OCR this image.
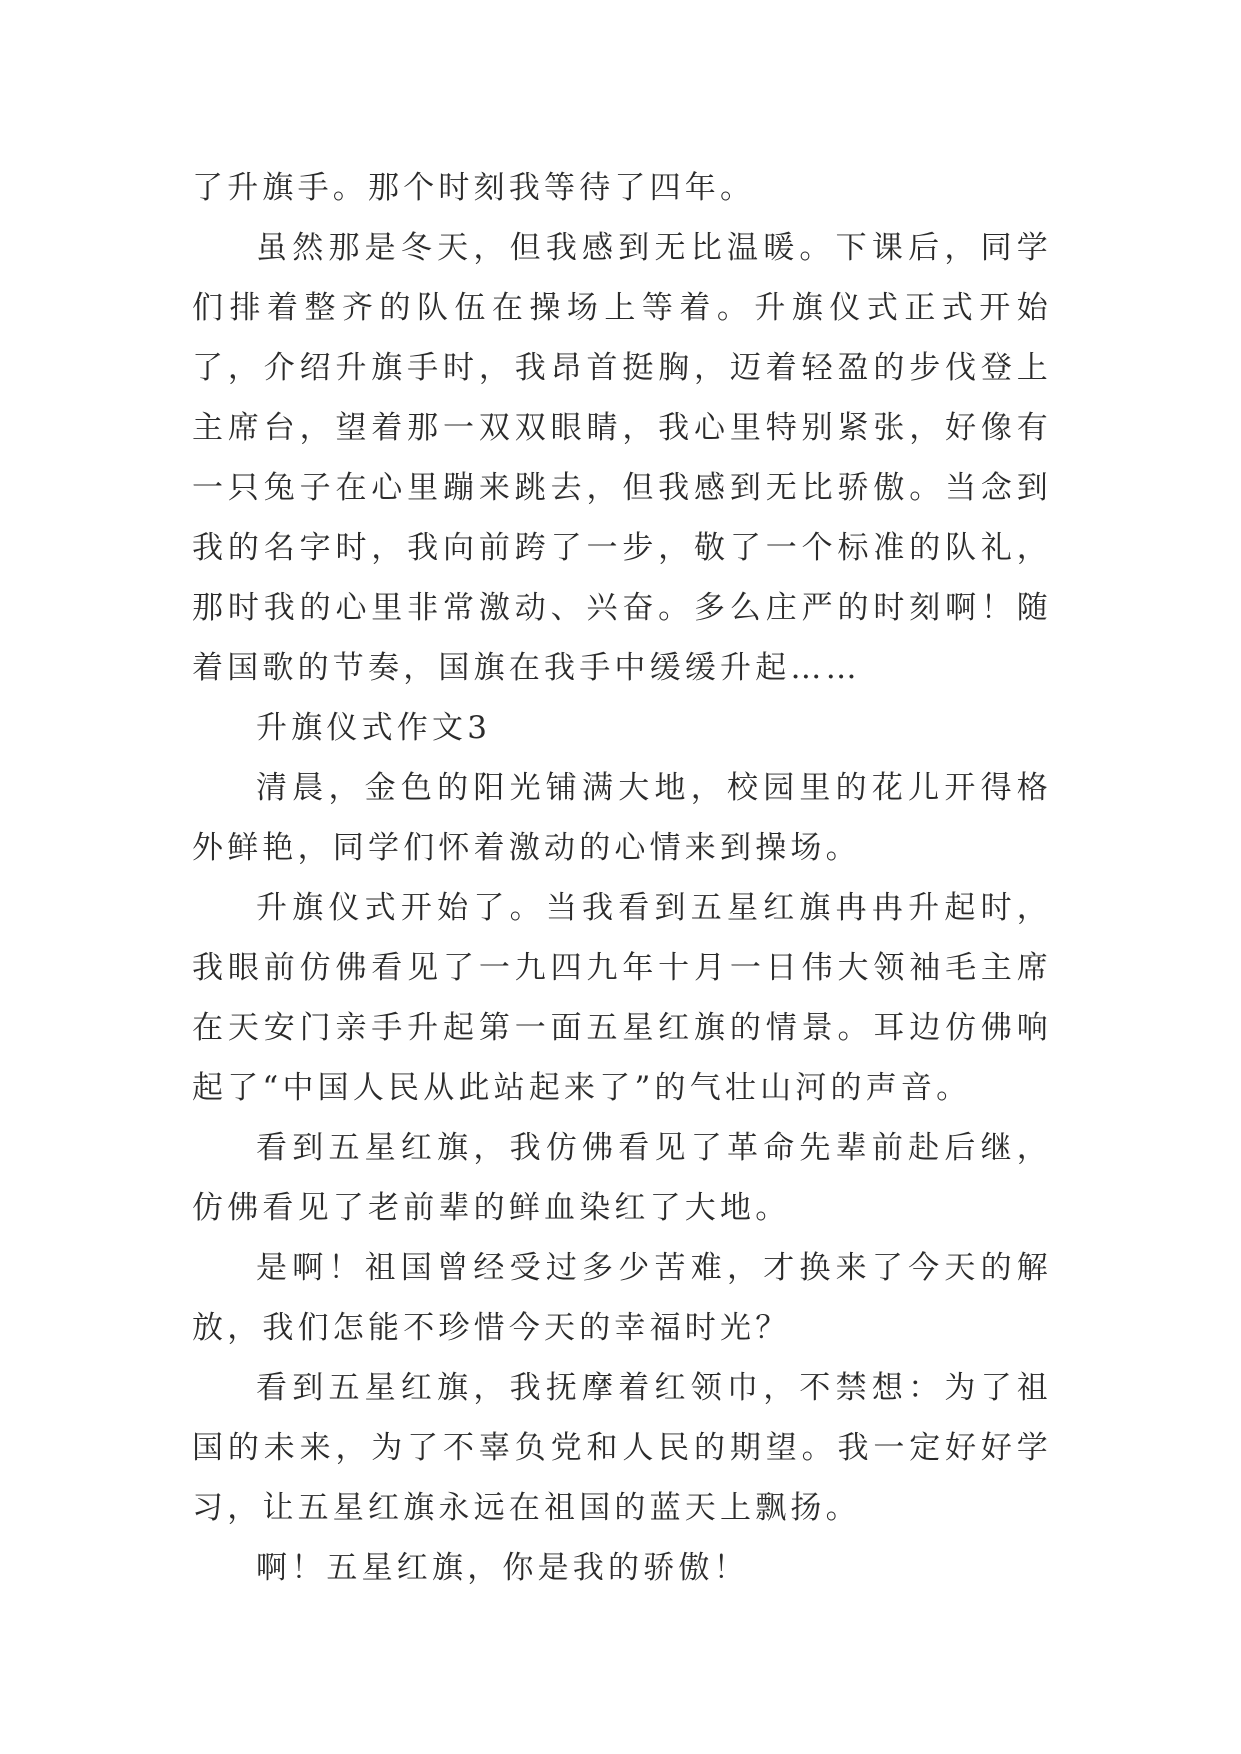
了升旗手。那个时刻我等待了四年。

虽然那是冬天，但我感到无比温暖。下课后，同学们排着整齐的队伍在操场上等着。升旗仪式正式开始了，介绍升旗手时，我昂首挺胸，迈着轻盈的步伐登上主席台，望着那一双双眼睛，我心里特别紧张，好像有一只兔子在心里蹦来跳去，但我感到无比骄傲。当念到我的名字时，我向前跨了一步，敬了一个标准的队礼，那时我的心里非常激动、兴奋。多么庄严的时刻啊！随着国歌的节奏，国旗在我手中缓缓升起……

升旗仪式作文3

清晨，金色的阳光铺满大地，校园里的花儿开得格外鲜艳，同学们怀着激动的心情来到操场。

升旗仪式开始了。当我看到五星红旗冉冉升起时，我眼前仿佛看见了一九四九年十月一日伟大领袖毛主席在天安门亲手升起第一面五星红旗的情景。耳边仿佛响起了“中国人民从此站起来了”的气壮山河的声音。

看到五星红旗，我仿佛看见了革命先辈前赴后继，仿佛看见了老前辈的鲜血染红了大地。

是啊！祖国曾经受过多少苦难，才换来了今天的解放，我们怎能不珍惜今天的幸福时光？

看到五星红旗，我抚摩着红领巾，不禁想：为了祖国的未来，为了不辜负党和人民的期望。我一定好好学习，让五星红旗永远在祖国的蓝天上飘扬。

啊！五星红旗，你是我的骄傲！
